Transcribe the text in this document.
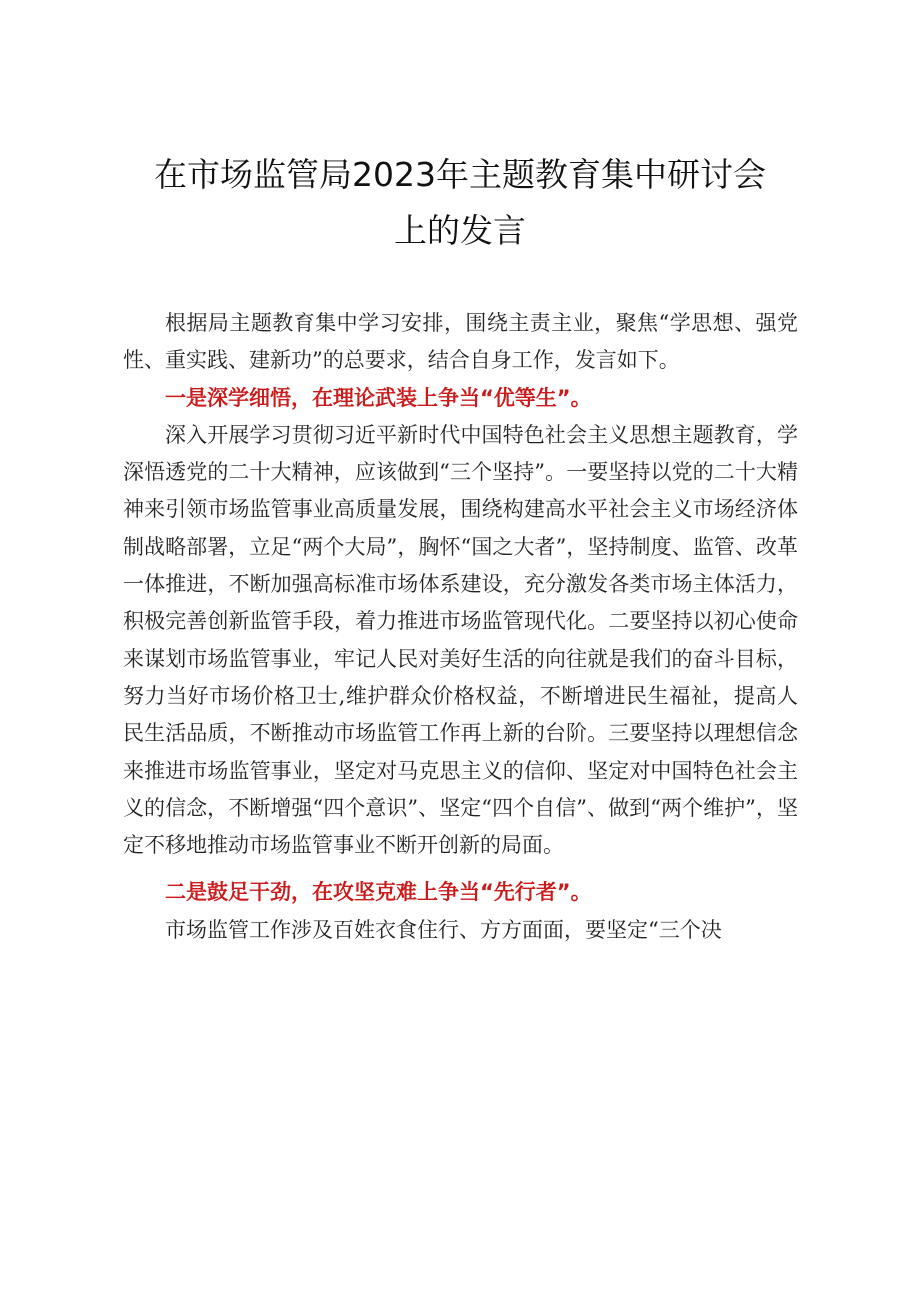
在市场监管局2023年主题教育集中研讨会
上的发言

根据局主题教育集中学习安排，围绕主责主业，聚焦“学思想、强党性、重实践、建新功”的总要求，结合自身工作，发言如下。

一是深学细悟，在理论武装上争当“优等生”。

深入开展学习贯彻习近平新时代中国特色社会主义思想主题教育，学深悟透党的二十大精神，应该做到“三个坚持”。一要坚持以党的二十大精神来引领市场监管事业高质量发展，围绕构建高水平社会主义市场经济体制战略部署，立足“两个大局”，胸怀“国之大者”，坚持制度、监管、改革一体推进，不断加强高标准市场体系建设，充分激发各类市场主体活力，积极完善创新监管手段，着力推进市场监管现代化。二要坚持以初心使命来谋划市场监管事业，牢记人民对美好生活的向往就是我们的奋斗目标，努力当好市场价格卫士,维护群众价格权益，不断增进民生福祉，提高人民生活品质，不断推动市场监管工作再上新的台阶。三要坚持以理想信念来推进市场监管事业，坚定对马克思主义的信仰、坚定对中国特色社会主义的信念，不断增强“四个意识”、坚定“四个自信”、做到“两个维护”，坚定不移地推动市场监管事业不断开创新的局面。

二是鼓足干劲，在攻坚克难上争当“先行者”。

市场监管工作涉及百姓衣食住行、方方面面，要坚定“三个决
